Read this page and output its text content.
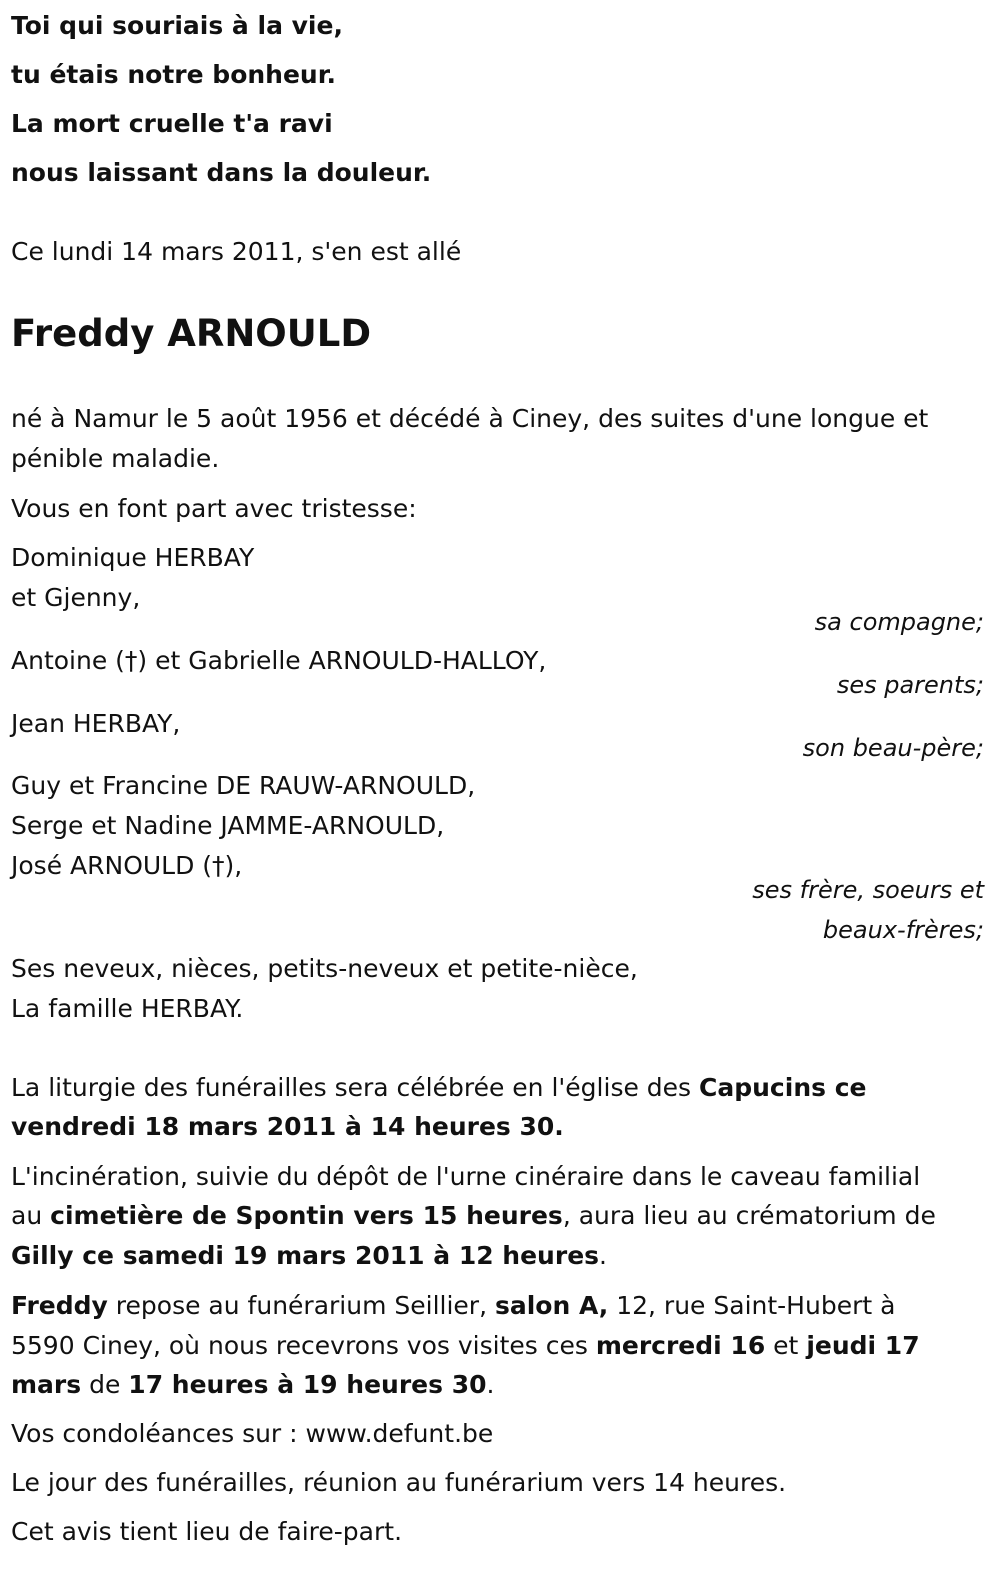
Toi qui souriais à la vie,
tu étais notre bonheur.
La mort cruelle t'a ravi
nous laissant dans la douleur.
Ce lundi 14 mars 2011, s'en est allé
Freddy ARNOULD
né à Namur le 5 août 1956 et décédé à Ciney, des suites d'une longue et
pénible maladie.
Vous en font part avec tristesse:
Dominique HERBAY
et Gjenny,
sa compagne;
Antoine (†) et Gabrielle ARNOULD-HALLOY,
ses parents;
Jean HERBAY,
son beau-père;
Guy et Francine DE RAUW-ARNOULD,
Serge et Nadine JAMME-ARNOULD,
José ARNOULD (†),
ses frère, soeurs et
beaux-frères;
Ses neveux, nièces, petits-neveux et petite-nièce,
La famille HERBAY.
La liturgie des funérailles sera célébrée en l'église des Capucins ce
vendredi 18 mars 2011 à 14 heures 30.
L'incinération, suivie du dépôt de l'urne cinéraire dans le caveau familial
au cimetière de Spontin vers 15 heures, aura lieu au crématorium de
Gilly ce samedi 19 mars 2011 à 12 heures.
Freddy repose au funérarium Seillier, salon A, 12, rue Saint-Hubert à
5590 Ciney, où nous recevrons vos visites ces mercredi 16 et jeudi 17
mars de 17 heures à 19 heures 30.
Vos condoléances sur : www.defunt.be
Le jour des funérailles, réunion au funérarium vers 14 heures.
Cet avis tient lieu de faire-part.
